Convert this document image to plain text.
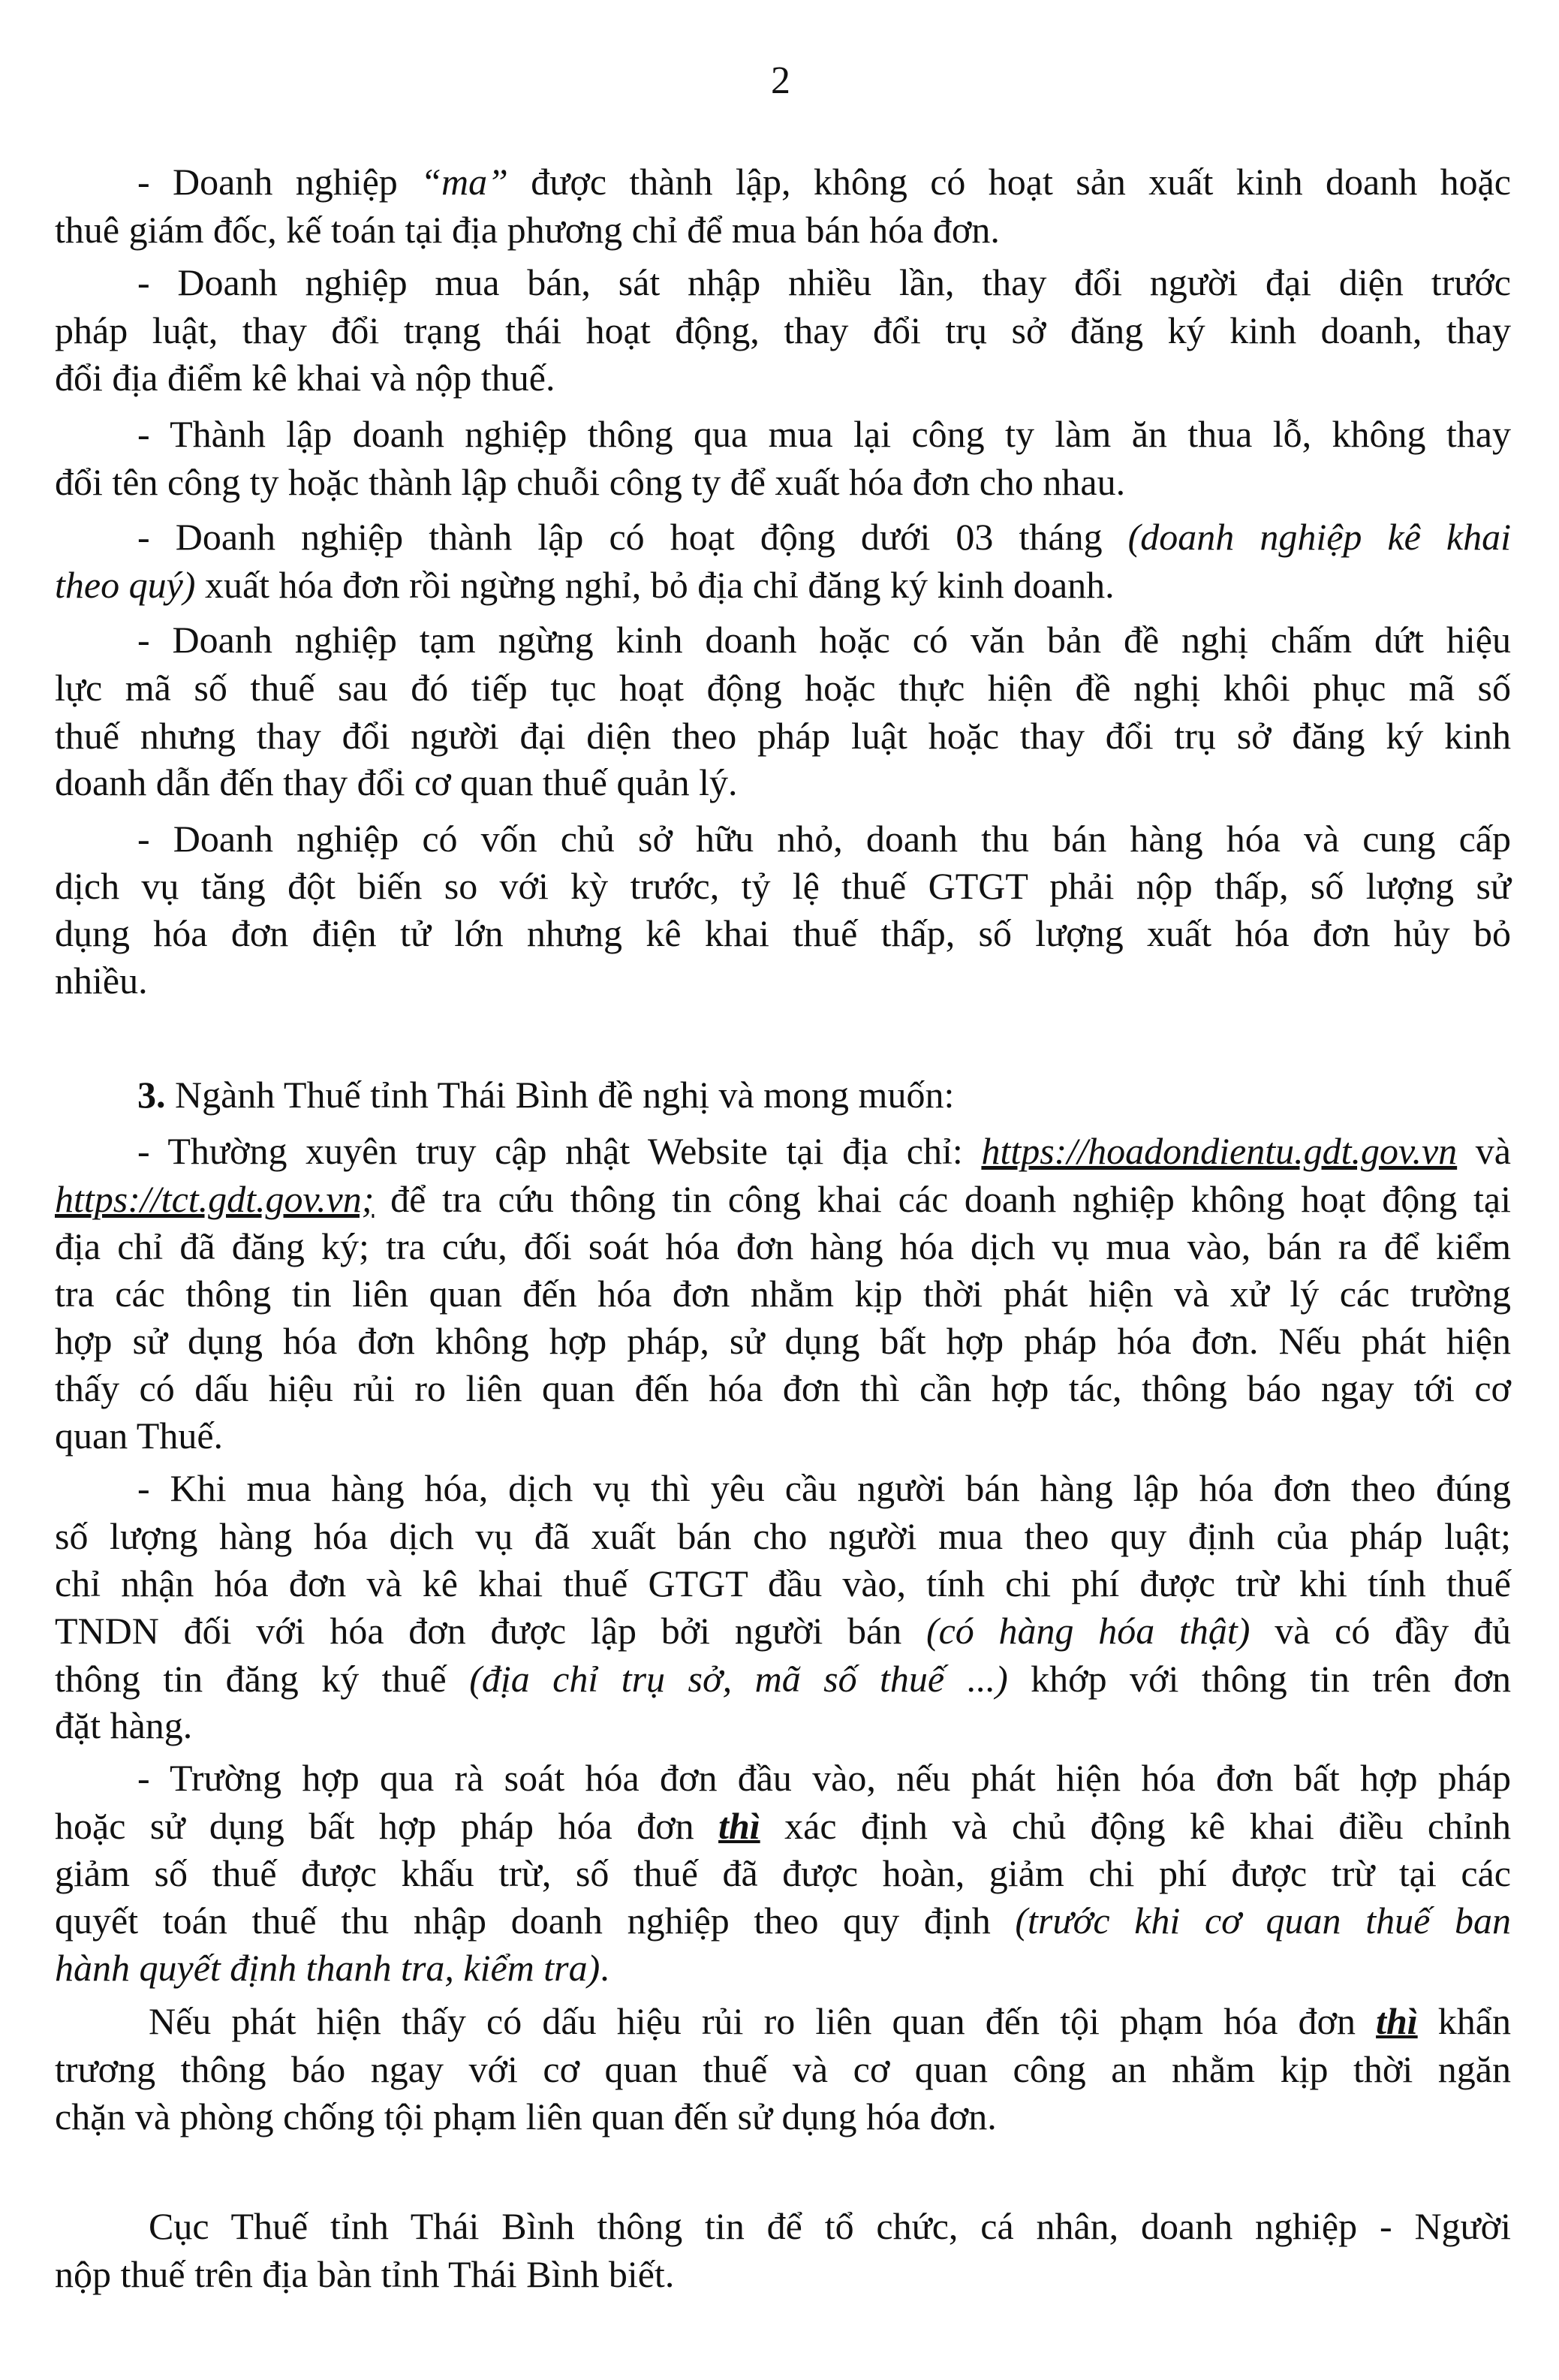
2
- Doanh nghiệp “ma” được thành lập, không có hoạt sản xuất kinh doanh hoặc
thuê giám đốc, kế toán tại địa phương chỉ để mua bán hóa đơn.
- Doanh nghiệp mua bán, sát nhập nhiều lần, thay đổi người đại diện trước
pháp luật, thay đổi trạng thái hoạt động, thay đổi trụ sở đăng ký kinh doanh, thay
đổi địa điểm kê khai và nộp thuế.
- Thành lập doanh nghiệp thông qua mua lại công ty làm ăn thua lỗ, không thay
đổi tên công ty hoặc thành lập chuỗi công ty để xuất hóa đơn cho nhau.
- Doanh nghiệp thành lập có hoạt động dưới 03 tháng (doanh nghiệp kê khai
theo quý) xuất hóa đơn rồi ngừng nghỉ, bỏ địa chỉ đăng ký kinh doanh.
- Doanh nghiệp tạm ngừng kinh doanh hoặc có văn bản đề nghị chấm dứt hiệu
lực mã số thuế sau đó tiếp tục hoạt động hoặc thực hiện đề nghị khôi phục mã số
thuế nhưng thay đổi người đại diện theo pháp luật hoặc thay đổi trụ sở đăng ký kinh
doanh dẫn đến thay đổi cơ quan thuế quản lý.
- Doanh nghiệp có vốn chủ sở hữu nhỏ, doanh thu bán hàng hóa và cung cấp
dịch vụ tăng đột biến so với kỳ trước, tỷ lệ thuế GTGT phải nộp thấp, số lượng sử
dụng hóa đơn điện tử lớn nhưng kê khai thuế thấp, số lượng xuất hóa đơn hủy bỏ
nhiều.
3. Ngành Thuế tỉnh Thái Bình đề nghị và mong muốn:
- Thường xuyên truy cập nhật Website tại địa chỉ: https://hoadondientu.gdt.gov.vn và
https://tct.gdt.gov.vn; để tra cứu thông tin công khai các doanh nghiệp không hoạt động tại
địa chỉ đã đăng ký; tra cứu, đối soát hóa đơn hàng hóa dịch vụ mua vào, bán ra để kiểm
tra các thông tin liên quan đến hóa đơn nhằm kịp thời phát hiện và xử lý các trường
hợp sử dụng hóa đơn không hợp pháp, sử dụng bất hợp pháp hóa đơn. Nếu phát hiện
thấy có dấu hiệu rủi ro liên quan đến hóa đơn thì cần hợp tác, thông báo ngay tới cơ
quan Thuế.
- Khi mua hàng hóa, dịch vụ thì yêu cầu người bán hàng lập hóa đơn theo đúng
số lượng hàng hóa dịch vụ đã xuất bán cho người mua theo quy định của pháp luật;
chỉ nhận hóa đơn và kê khai thuế GTGT đầu vào, tính chi phí được trừ khi tính thuế
TNDN đối với hóa đơn được lập bởi người bán (có hàng hóa thật) và có đầy đủ
thông tin đăng ký thuế (địa chỉ trụ sở, mã số thuế ...) khớp với thông tin trên đơn
đặt hàng.
- Trường hợp qua rà soát hóa đơn đầu vào, nếu phát hiện hóa đơn bất hợp pháp
hoặc sử dụng bất hợp pháp hóa đơn thì xác định và chủ động kê khai điều chỉnh
giảm số thuế được khấu trừ, số thuế đã được hoàn, giảm chi phí được trừ tại các
quyết toán thuế thu nhập doanh nghiệp theo quy định (trước khi cơ quan thuế ban
hành quyết định thanh tra, kiểm tra).
Nếu phát hiện thấy có dấu hiệu rủi ro liên quan đến tội phạm hóa đơn thì khẩn
trương thông báo ngay với cơ quan thuế và cơ quan công an nhằm kịp thời ngăn
chặn và phòng chống tội phạm liên quan đến sử dụng hóa đơn.
Cục Thuế tỉnh Thái Bình thông tin để tổ chức, cá nhân, doanh nghiệp - Người
nộp thuế trên địa bàn tỉnh Thái Bình biết.
